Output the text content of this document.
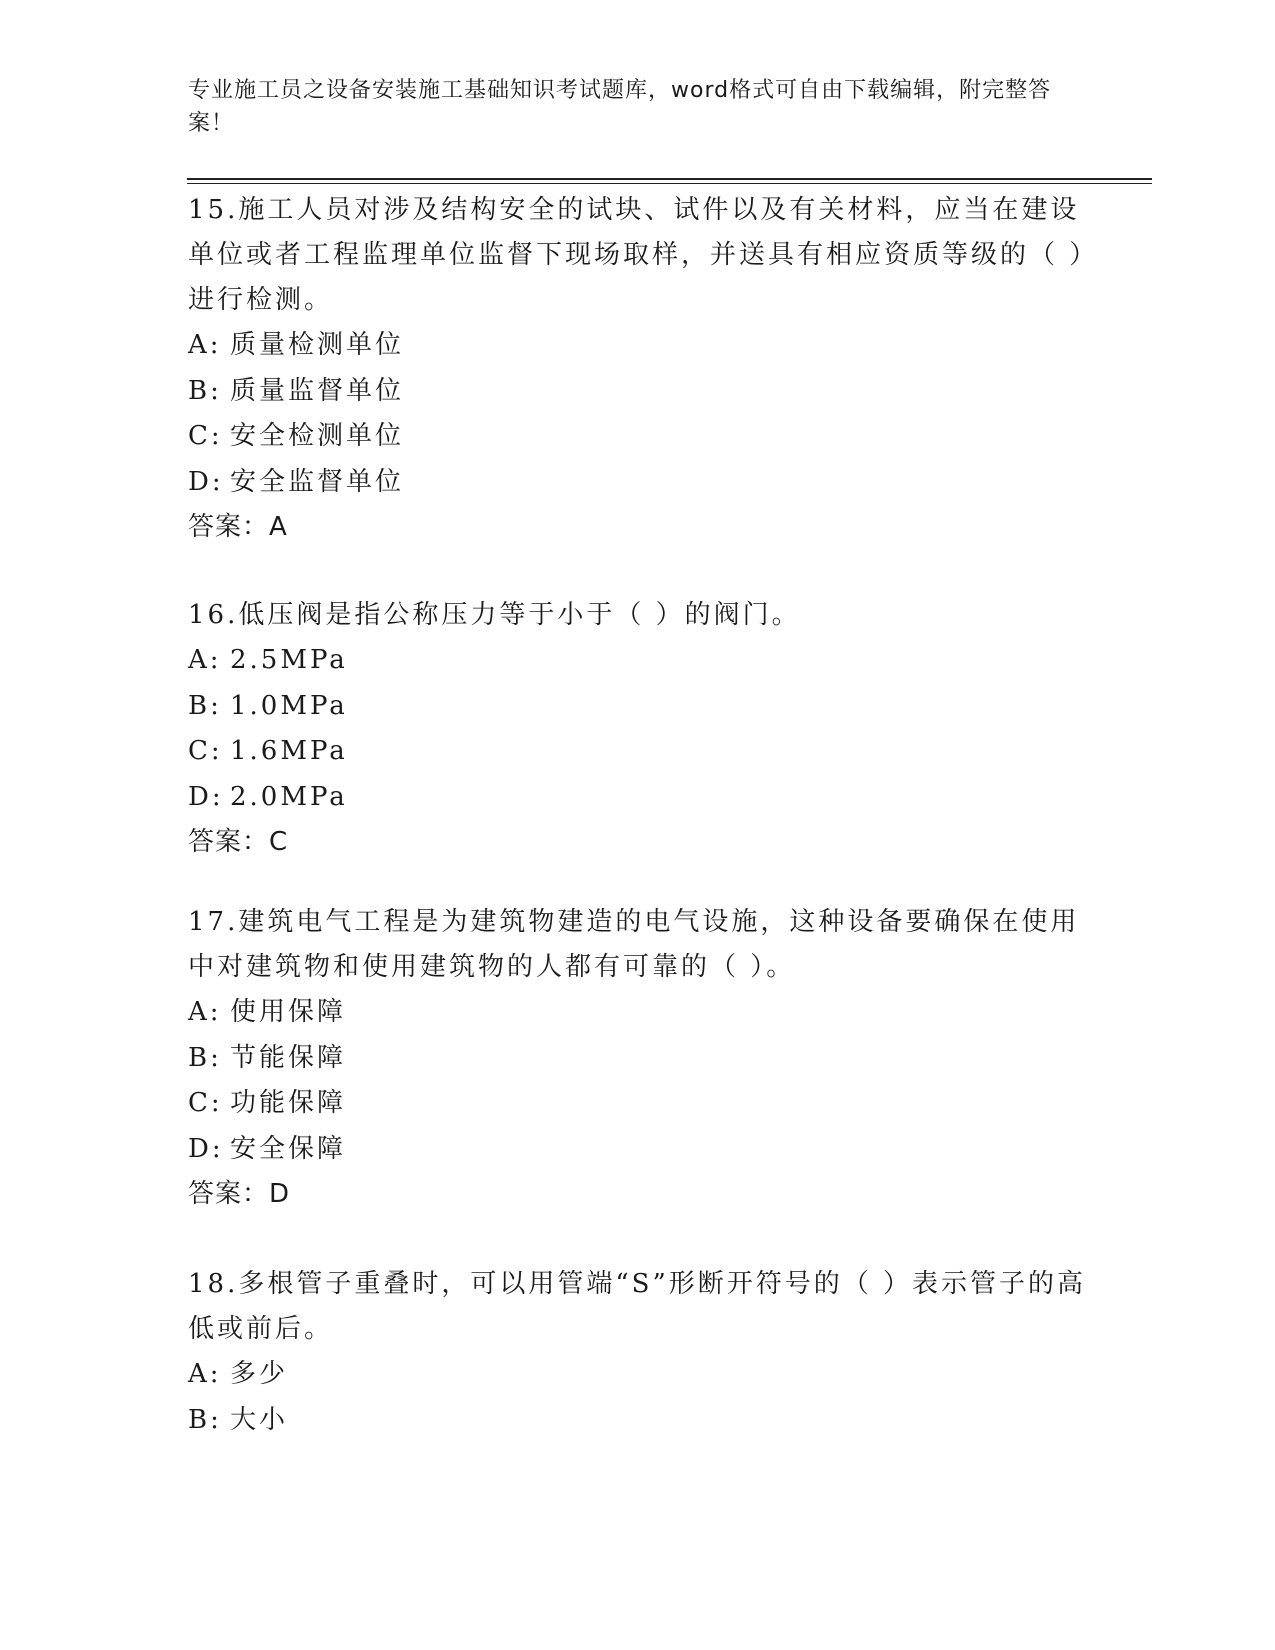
专业施工员之设备安装施工基础知识考试题库，word格式可自由下载编辑，附完整答案！

15.施工人员对涉及结构安全的试块、试件以及有关材料，应当在建设单位或者工程监理单位监督下现场取样，并送具有相应资质等级的（ ）进行检测。

A: 质量检测单位

B: 质量监督单位

C: 安全检测单位

D: 安全监督单位

答案：A

16.低压阀是指公称压力等于小于（ ）的阀门。

A: 2.5MPa

B: 1.0MPa

C: 1.6MPa

D: 2.0MPa

答案：C

17.建筑电气工程是为建筑物建造的电气设施，这种设备要确保在使用中对建筑物和使用建筑物的人都有可靠的（ ）。

A: 使用保障

B: 节能保障

C: 功能保障

D: 安全保障

答案：D

18.多根管子重叠时，可以用管端“S”形断开符号的（ ）表示管子的高低或前后。

A: 多少

B: 大小
